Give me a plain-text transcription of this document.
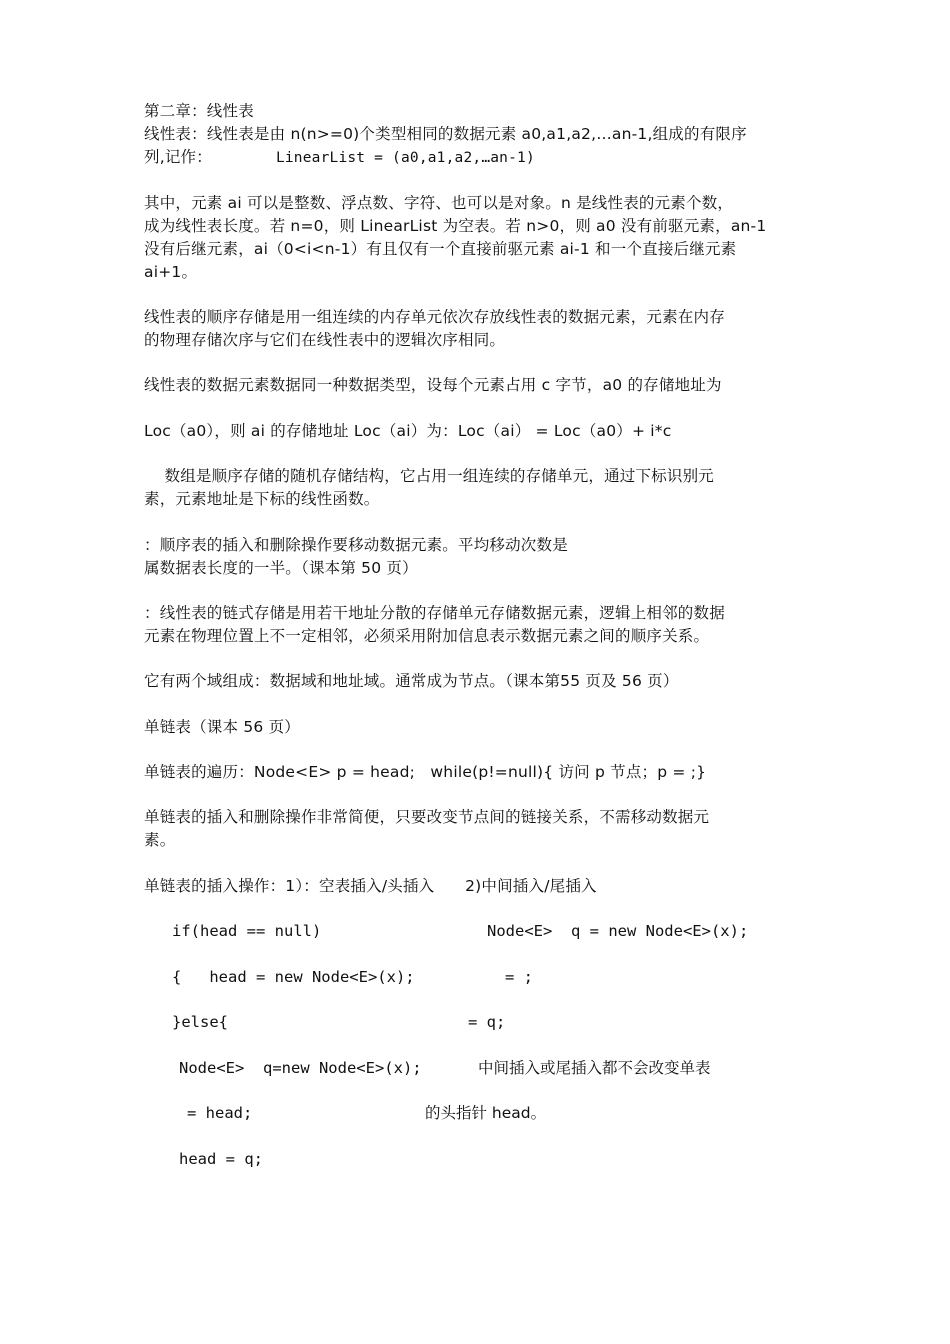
第二章：线性表
线性表：线性表是由 n(n>=0)个类型相同的数据元素 a0,a1,a2,…an-1,组成的有限序
列,记作：	LinearList = (a0,a1,a2,…an-1)
其中，元素 ai 可以是整数、浮点数、字符、也可以是对象。n 是线性表的元素个数，
成为线性表长度。若 n=0，则 LinearList 为空表。若 n>0，则 a0 没有前驱元素，an-1
没有后继元素，ai（0<i<n-1）有且仅有一个直接前驱元素 ai-1 和一个直接后继元素
ai+1。
线性表的顺序存储是用一组连续的内存单元依次存放线性表的数据元素，元素在内存
的物理存储次序与它们在线性表中的逻辑次序相同。
线性表的数据元素数据同一种数据类型，设每个元素占用 c 字节，a0 的存储地址为
Loc（a0），则 ai 的存储地址 Loc（ai）为：Loc（ai） = Loc（a0）+ i*c
数组是顺序存储的随机存储结构，它占用一组连续的存储单元，通过下标识别元
素，元素地址是下标的线性函数。
：顺序表的插入和删除操作要移动数据元素。平均移动次数是
属数据表长度的一半。（课本第 50 页）
：线性表的链式存储是用若干地址分散的存储单元存储数据元素，逻辑上相邻的数据
元素在物理位置上不一定相邻，必须采用附加信息表示数据元素之间的顺序关系。
它有两个域组成：数据域和地址域。通常成为节点。（课本第55 页及 56 页）
单链表（课本 56 页）
单链表的遍历：Node<E> p = head;   while(p!=null){ 访问 p 节点；p = ;}
单链表的插入和删除操作非常简便，只要改变节点间的链接关系，不需移动数据元
素。
单链表的插入操作：1）：空表插入/头插入      2)中间插入/尾插入
if(head == null)	Node<E>  q = new Node<E>(x);
{   head = new Node<E>(x);	= ;
}else{	= q;
Node<E>  q=new Node<E>(x);	中间插入或尾插入都不会改变单表
= head;	的头指针 head。
head = q;
